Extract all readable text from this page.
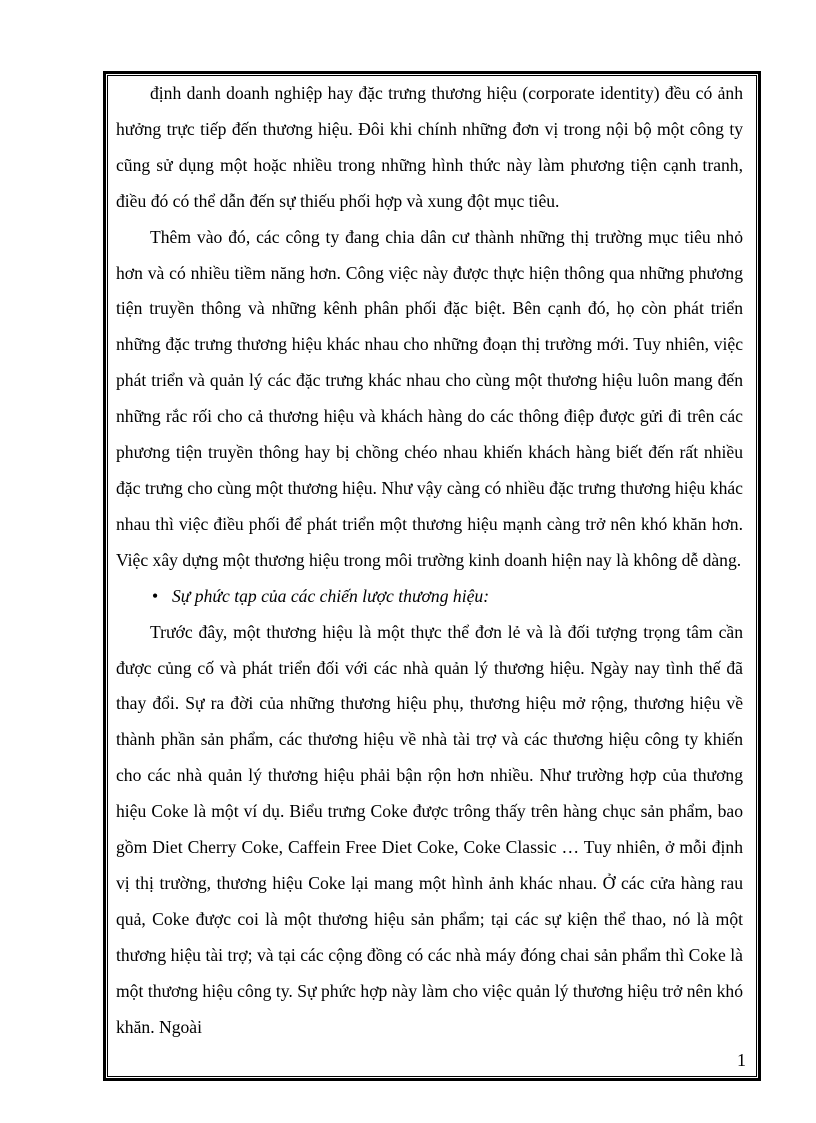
định danh doanh nghiệp hay đặc trưng thương hiệu (corporate identity) đều có ảnh hưởng trực tiếp đến thương hiệu. Đôi khi chính những đơn vị trong nội bộ một công ty cũng sử dụng một hoặc nhiều trong những hình thức này làm phương tiện cạnh tranh, điều đó có thể dẫn đến sự thiếu phối hợp và xung đột mục tiêu.

Thêm vào đó, các công ty đang chia dân cư thành những thị trường mục tiêu nhỏ hơn và có nhiều tiềm năng hơn. Công việc này được thực hiện thông qua những phương tiện truyền thông và những kênh phân phối đặc biệt. Bên cạnh đó, họ còn phát triển những đặc trưng thương hiệu khác nhau cho những đoạn thị trường mới. Tuy nhiên, việc phát triển và quản lý các đặc trưng khác nhau cho cùng một thương hiệu luôn mang đến những rắc rối cho cả thương hiệu và khách hàng do các thông điệp được gửi đi trên các phương tiện truyền thông hay bị chồng chéo nhau khiến khách hàng biết đến rất nhiều đặc trưng cho cùng một thương hiệu. Như vậy càng có nhiều đặc trưng thương hiệu khác nhau thì việc điều phối để phát triển một thương hiệu mạnh càng trở nên khó khăn hơn. Việc xây dựng một thương hiệu trong môi trường kinh doanh hiện nay là không dễ dàng.

• Sự phức tạp của các chiến lược thương hiệu:

Trước đây, một thương hiệu là một thực thể đơn lẻ và là đối tượng trọng tâm cần được củng cố và phát triển đối với các nhà quản lý thương hiệu. Ngày nay tình thế đã thay đổi. Sự ra đời của những thương hiệu phụ, thương hiệu mở rộng, thương hiệu về thành phần sản phẩm, các thương hiệu về nhà tài trợ và các thương hiệu công ty khiến cho các nhà quản lý thương hiệu phải bận rộn hơn nhiều. Như trường hợp của thương hiệu Coke là một ví dụ. Biểu trưng Coke được trông thấy trên hàng chục sản phẩm, bao gồm Diet Cherry Coke, Caffein Free Diet Coke, Coke Classic … Tuy nhiên, ở mỗi định vị thị trường, thương hiệu Coke lại mang một hình ảnh khác nhau. Ở các cửa hàng rau quả, Coke được coi là một thương hiệu sản phẩm; tại các sự kiện thể thao, nó là một thương hiệu tài trợ; và tại các cộng đồng có các nhà máy đóng chai sản phẩm thì Coke là một thương hiệu công ty. Sự phức hợp này làm cho việc quản lý thương hiệu trở nên khó khăn. Ngoài

1
